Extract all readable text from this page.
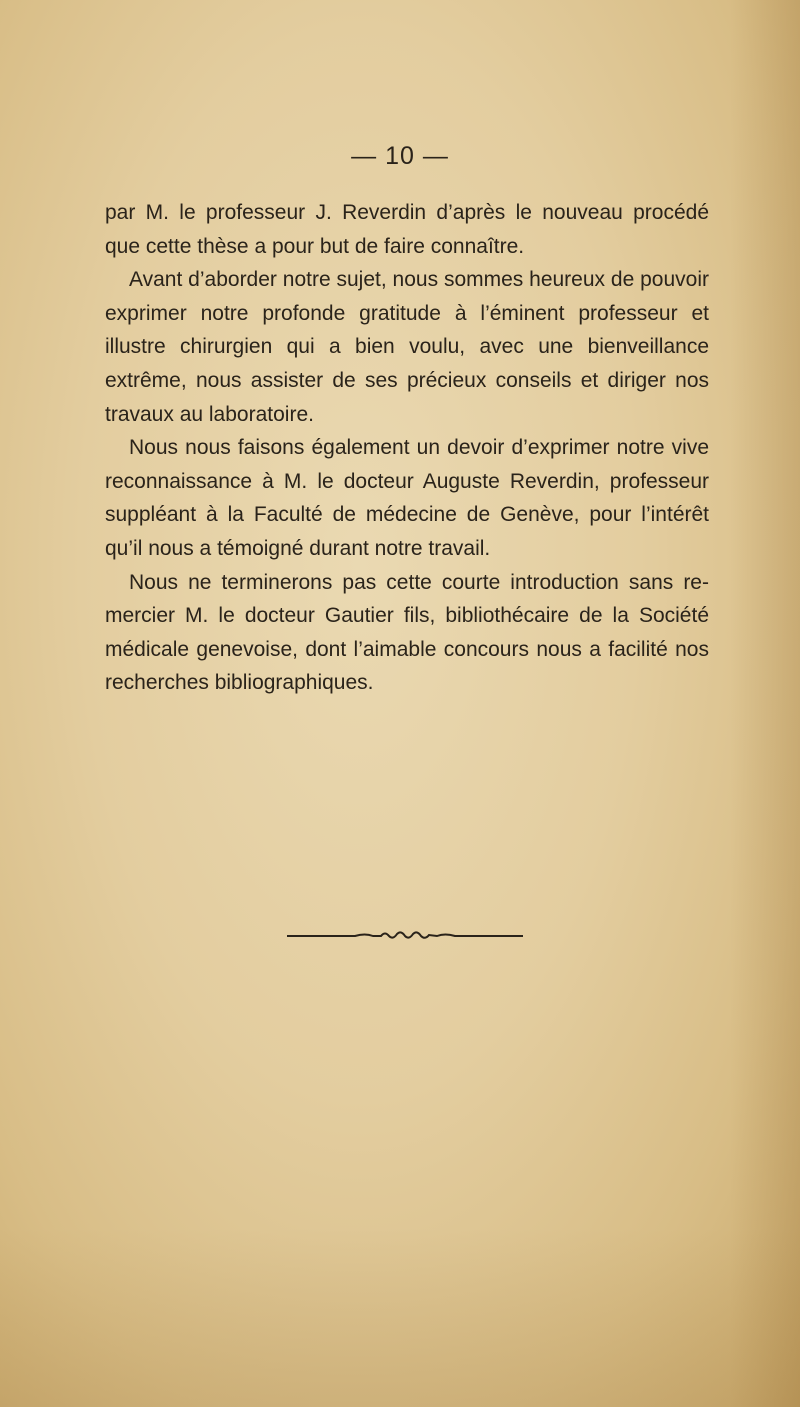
— 10 —

par M. le professeur J. Reverdin d’après le nouveau procédé que cette thèse a pour but de faire connaître.

Avant d’aborder notre sujet, nous sommes heureux de pouvoir exprimer notre profonde gratitude à l’éminent professeur et illustre chirurgien qui a bien voulu, avec une bienveillance extrême, nous assister de ses précieux conseils et diriger nos travaux au laboratoire.

Nous nous faisons également un devoir d’exprimer notre vive reconnaissance à M. le docteur Auguste Reverdin, professeur suppléant à la Faculté de médecine de Genève, pour l’intérêt qu’il nous a témoigné durant notre travail.

Nous ne terminerons pas cette courte introduction sans remercier M. le docteur Gautier fils, bibliothécaire de la Société médicale genevoise, dont l’aimable concours nous a facilité nos recherches bibliographiques.
